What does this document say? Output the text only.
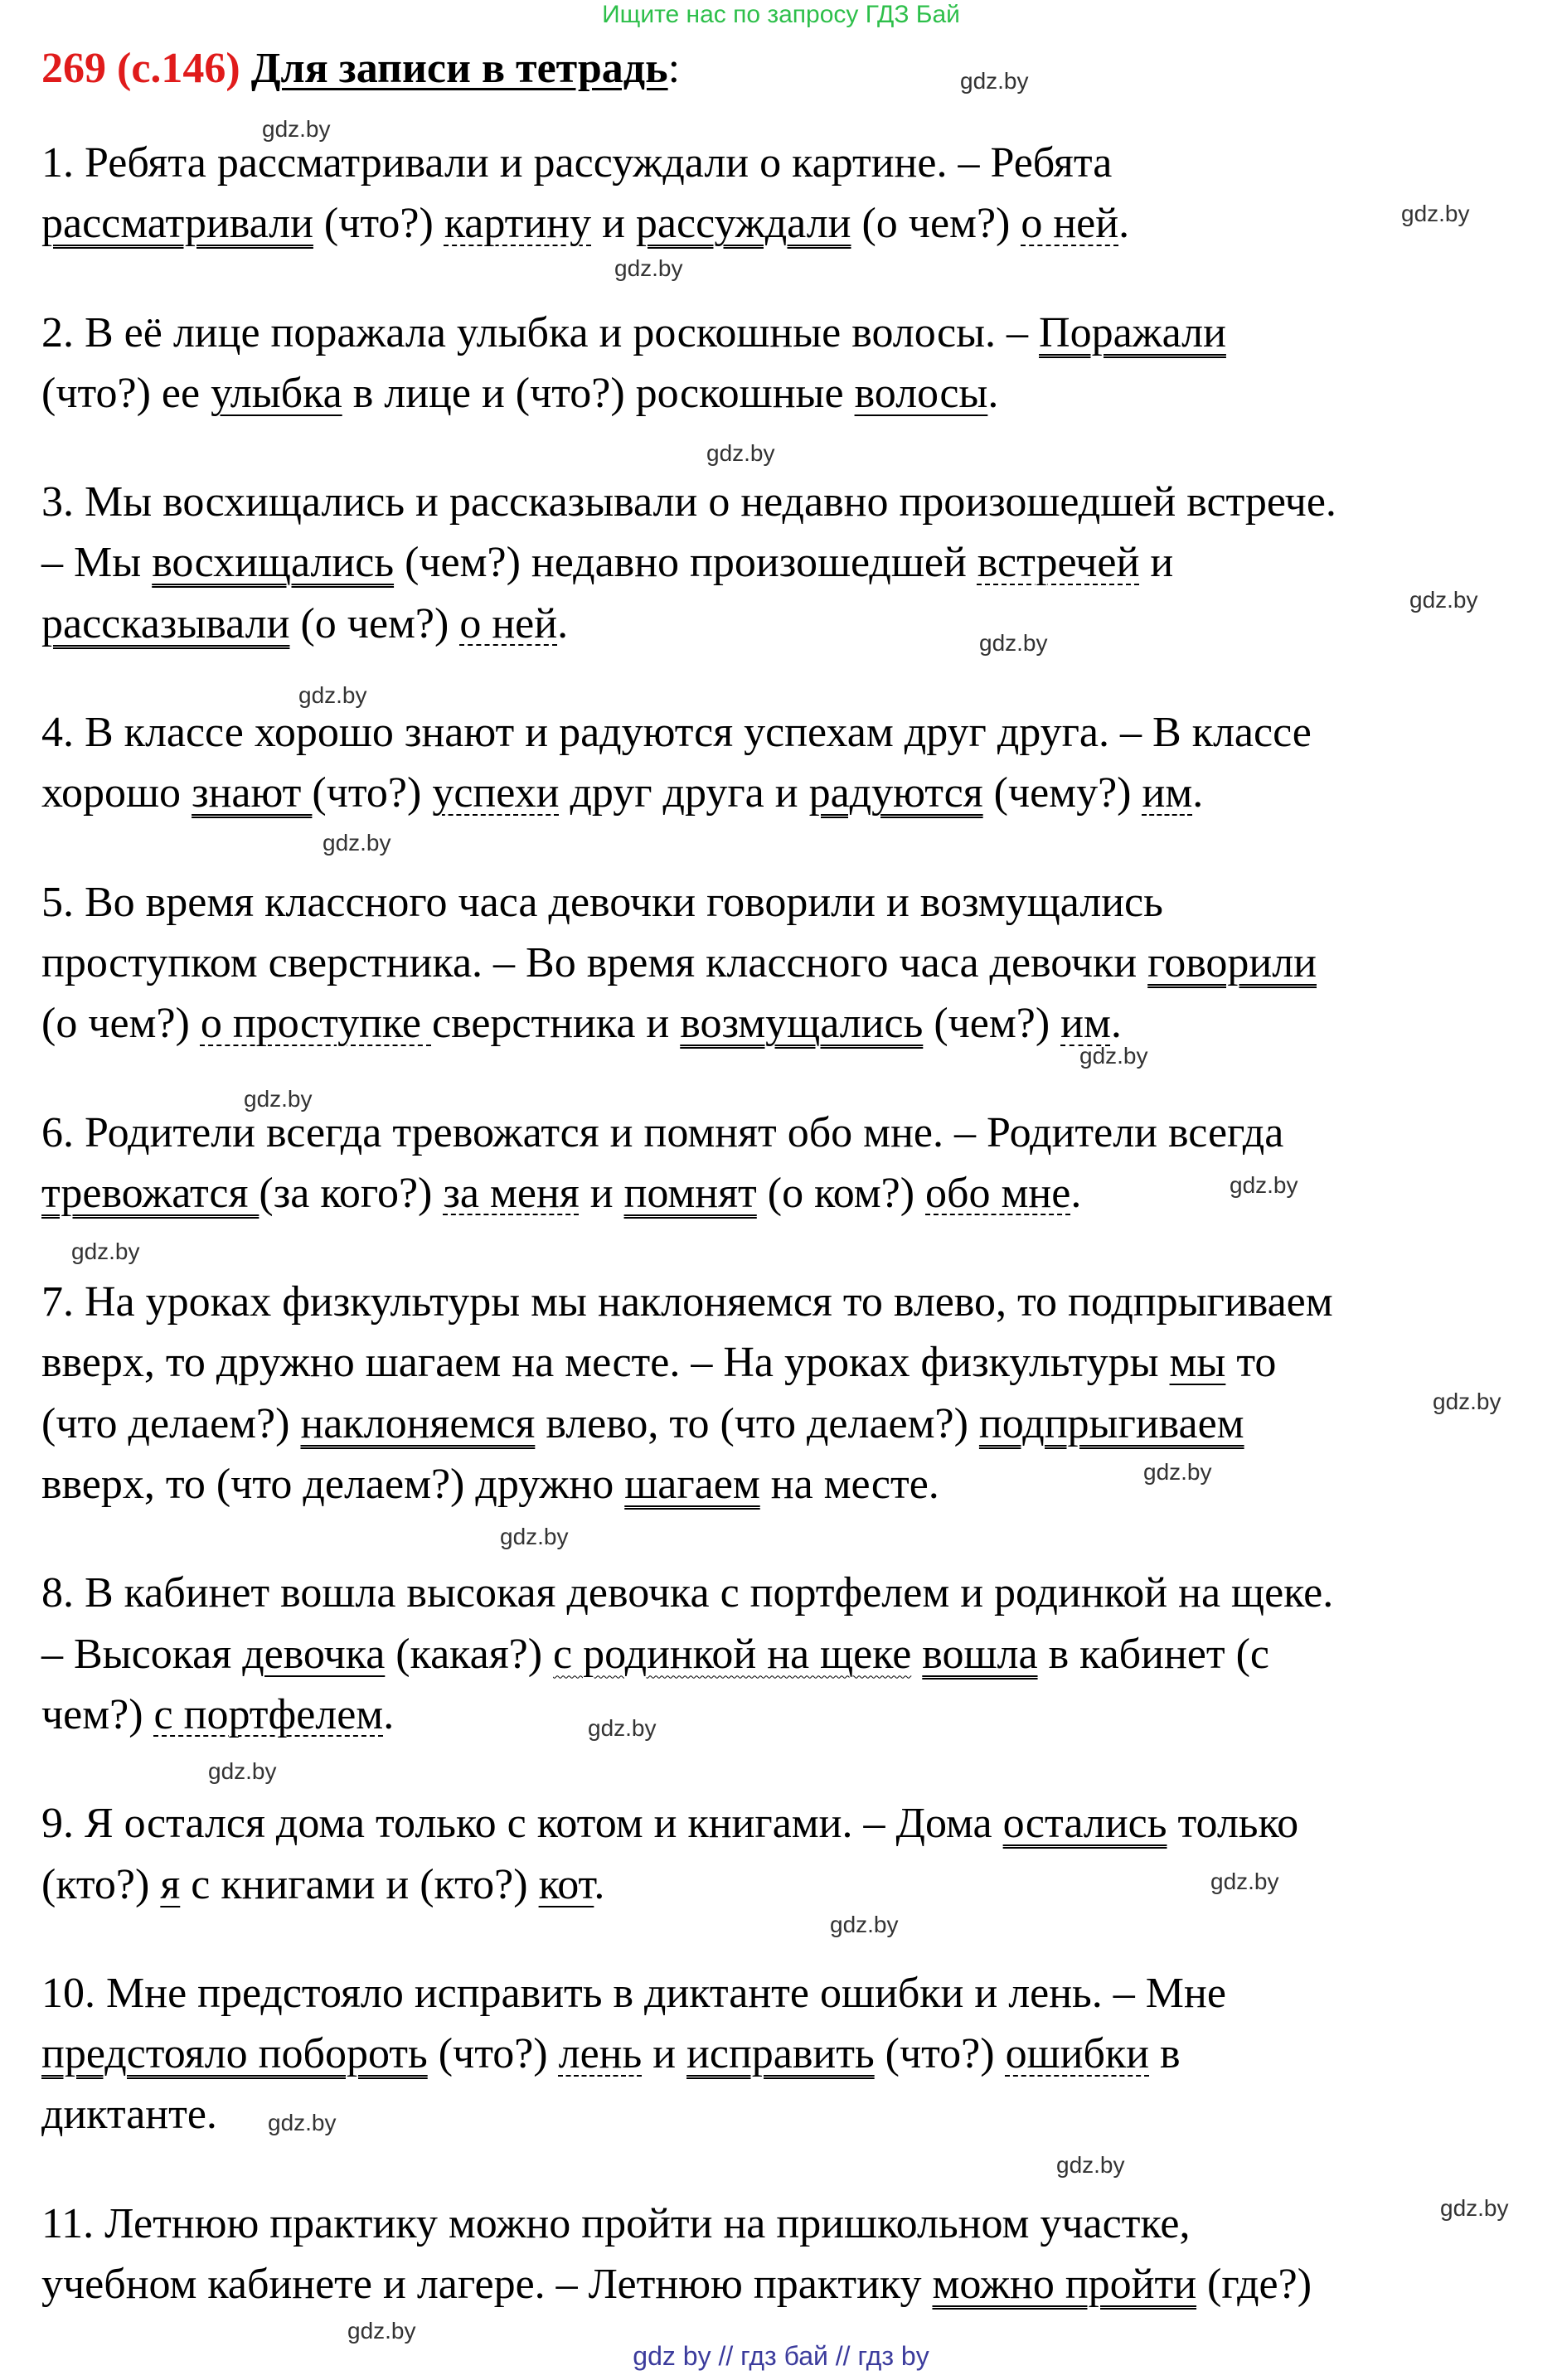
Ищите нас по запросу ГДЗ Бай
269 (с.146) Для записи в тетрадь:
1. Ребята рассматривали и рассуждали о картине. – Ребята
рассматривали (что?) картину и рассуждали (о чем?) о ней.
2. В её лице поражала улыбка и роскошные волосы. – Поражали
(что?) ее улыбка в лице и (что?) роскошные волосы.
3. Мы восхищались и рассказывали о недавно произошедшей встрече.
– Мы восхищались (чем?) недавно произошедшей встречей и
рассказывали (о чем?) о ней.
4. В классе хорошо знают и радуются успехам друг друга. – В классе
хорошо знают (что?) успехи друг друга и радуются (чему?) им.
5. Во время классного часа девочки говорили и возмущались
проступком сверстника. – Во время классного часа девочки говорили
(о чем?) о проступке сверстника и возмущались (чем?) им.
6. Родители всегда тревожатся и помнят обо мне. – Родители всегда
тревожатся (за кого?) за меня и помнят (о ком?) обо мне.
7. На уроках физкультуры мы наклоняемся то влево, то подпрыгиваем
вверх, то дружно шагаем на месте. – На уроках физкультуры мы то
(что делаем?) наклоняемся влево, то (что делаем?) подпрыгиваем
вверх, то (что делаем?) дружно шагаем на месте.
8. В кабинет вошла высокая девочка с портфелем и родинкой на щеке.
– Высокая девочка (какая?) с родинкой на щеке вошла в кабинет (с
чем?) с портфелем.
9. Я остался дома только с котом и книгами. – Дома остались только
(кто?) я с книгами и (кто?) кот.
10. Мне предстояло исправить в диктанте ошибки и лень. – Мне
предстояло побороть (что?) лень и исправить (что?) ошибки в
диктанте.
11. Летнюю практику можно пройти на пришкольном участке,
учебном кабинете и лагере. – Летнюю практику можно пройти (где?)
gdz.by
gdz.by
gdz.by
gdz.by
gdz.by
gdz.by
gdz.by
gdz.by
gdz.by
gdz.by
gdz.by
gdz.by
gdz.by
gdz.by
gdz.by
gdz.by
gdz.by
gdz.by
gdz.by
gdz.by
gdz.by
gdz.by
gdz.by
gdz.by
gdz by // гдз бай // гдз by
